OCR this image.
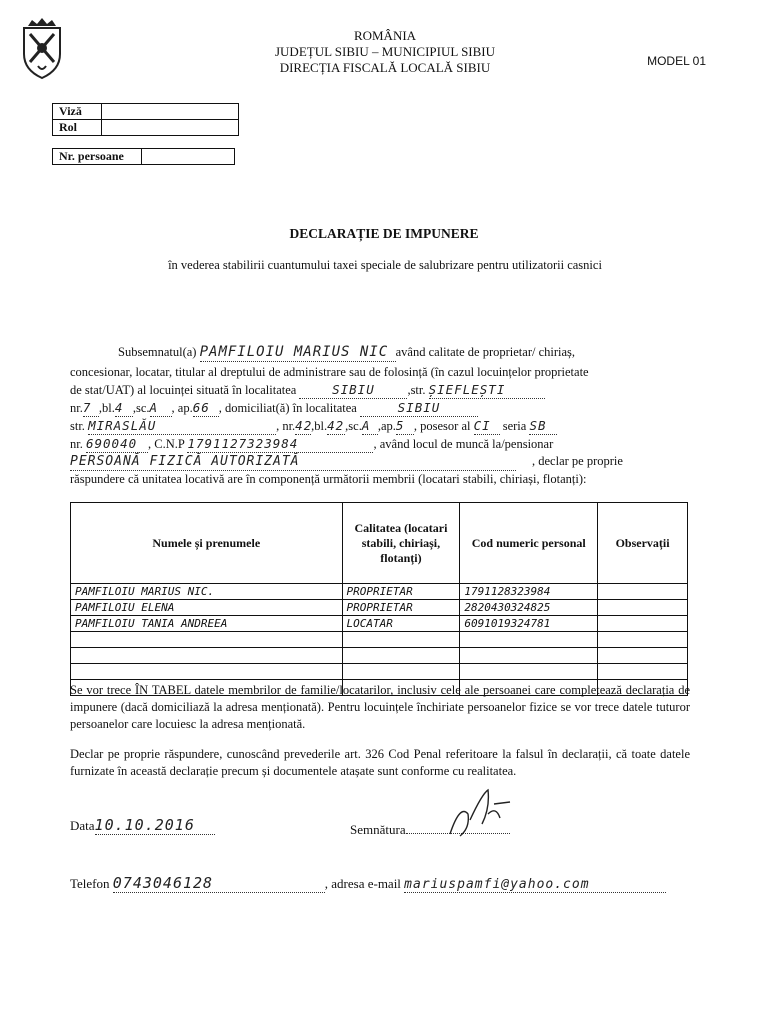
ROMÂNIA
JUDEȚUL SIBIU – MUNICIPIUL SIBIU
DIRECȚIA FISCALĂ LOCALĂ SIBIU	MODEL 01
Viză	
Rol	
Nr. persoane	
DECLARAȚIE DE IMPUNERE
în vederea stabilirii cuantumului taxei speciale de salubrizare pentru utilizatorii casnici
Subsemnatul(a) PAMFILOIU MARIUS NIC având calitate de proprietar/ chiriaș,
concesionar, locatar, titular al dreptului de administrare sau de folosință (în cazul locuințelor proprietate
de stat/UAT) al locuinței situată în localitatea	SIBIU	,str. ȘIEFLEȘTI
nr.7 ,bl.4 ,sc.A , ap.66 , domiciliat(ă) în localitatea	SIBIU
str. MIRASLĂU	, nr.42,bl.42,sc.A ,ap.5 , posesor al CI seria SB
nr. 690040 , C.N.P 1791127323984	, având locul de muncă la/pensionar
PERSOANĂ FIZICĂ AUTORIZATĂ	, declar pe proprie
răspundere că unitatea locativă are în componență următorii membrii (locatari stabili, chiriași, flotanți):
Numele și prenumele	Calitatea (locatari stabili, chiriași, flotanți)	Cod numeric personal	Observații
PAMFILOIU MARIUS NIC.	PROPRIETAR	1791128323984	
PAMFILOIU ELENA	PROPRIETAR	2820430324825	
PAMFILOIU TANIA ANDREEA	LOCATAR	6091019324781	

Se vor trece ÎN TABEL datele membrilor de familie/locatarilor, inclusiv cele ale persoanei care completează declarația de impunere (dacă domiciliază la adresa menționată). Pentru locuințele închiriate persoanelor fizice se vor trece datele tuturor persoanelor care locuiesc la adresa menționată.
Declar pe proprie răspundere, cunoscând prevederile art. 326 Cod Penal referitoare la falsul în declarații, că toate datele furnizate în această declarație precum și documentele atașate sunt conforme cu realitatea.
Data10.10.2016	Semnătura
Telefon 0743046128	, adresa e-mail mariuspamfi@yahoo.com
